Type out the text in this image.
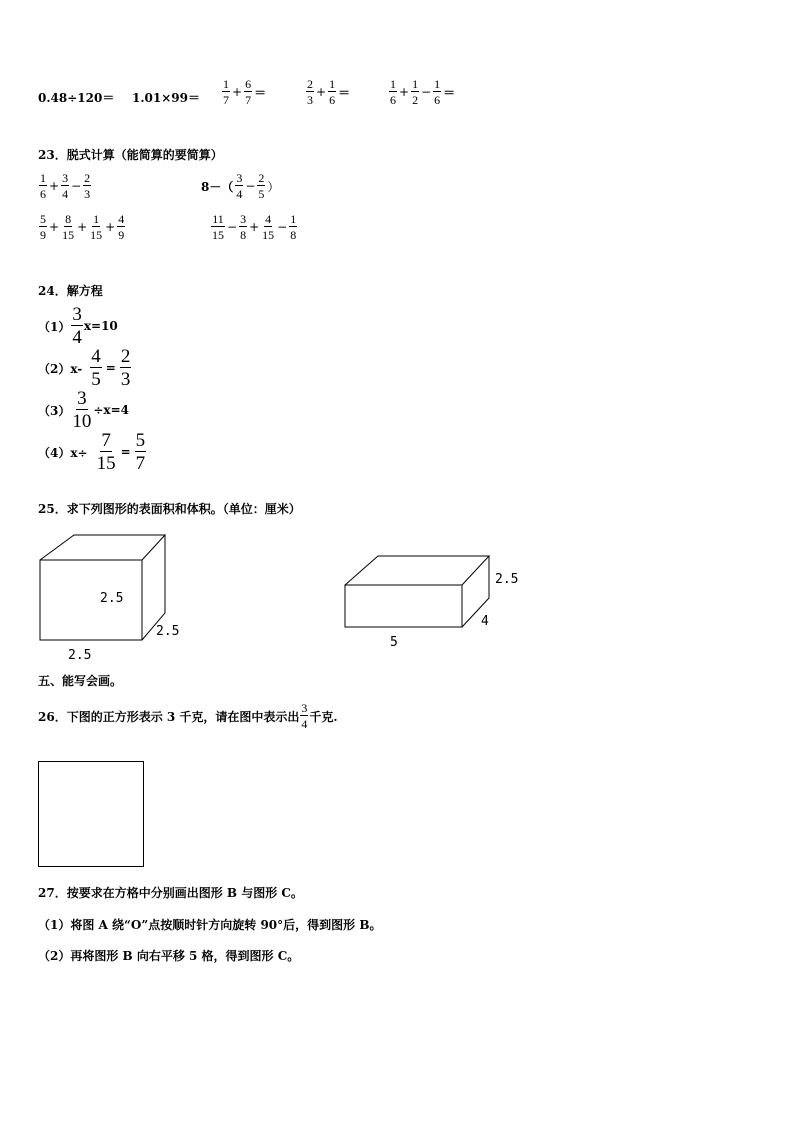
$0.48\div 120= 1.01\times 99= \frac{1}{7} + \frac{6}{7}$ ＝	$\frac{2}{3} + \frac{1}{6}$ ＝	$\frac{1}{6} + \frac{1}{2} - \frac{1}{6}$ ＝
23．脱式计算（能简算的要简算）
$\frac{1}{6} + \frac{3}{4} - \frac{2}{3}$	$8-( \frac{3}{4} - \frac{2}{5}$ ）
$\frac{5}{9} + \frac{8}{15} + \frac{1}{15} + \frac{4}{9}$	$\frac{11}{15} - \frac{3}{8} + \frac{4}{15} - \frac{1}{8}$
24．解方程
$(1) \frac{3}{4} x=10$
$(2)x- \frac{4}{5} = \frac{2}{3}$
$(3) \frac{3}{10} \div x=4$
$(4)x\div \frac{7}{15} = \frac{5}{7}$
25．求下列图形的表面积和体积。（单位：厘米）
2.5
2.5
2.5
2.5
4
5
五、能写会画。
26．下图的正方形表示 3 千克，请在图中表示出 $\frac{3}{4}$ 千克.
27．按要求在方格中分别画出图形 B 与图形 C。
（1）将图 A 绕“O”点按顺时针方向旋转 90°后，得到图形 B。
（2）再将图形 B 向右平移 5 格，得到图形 C。
